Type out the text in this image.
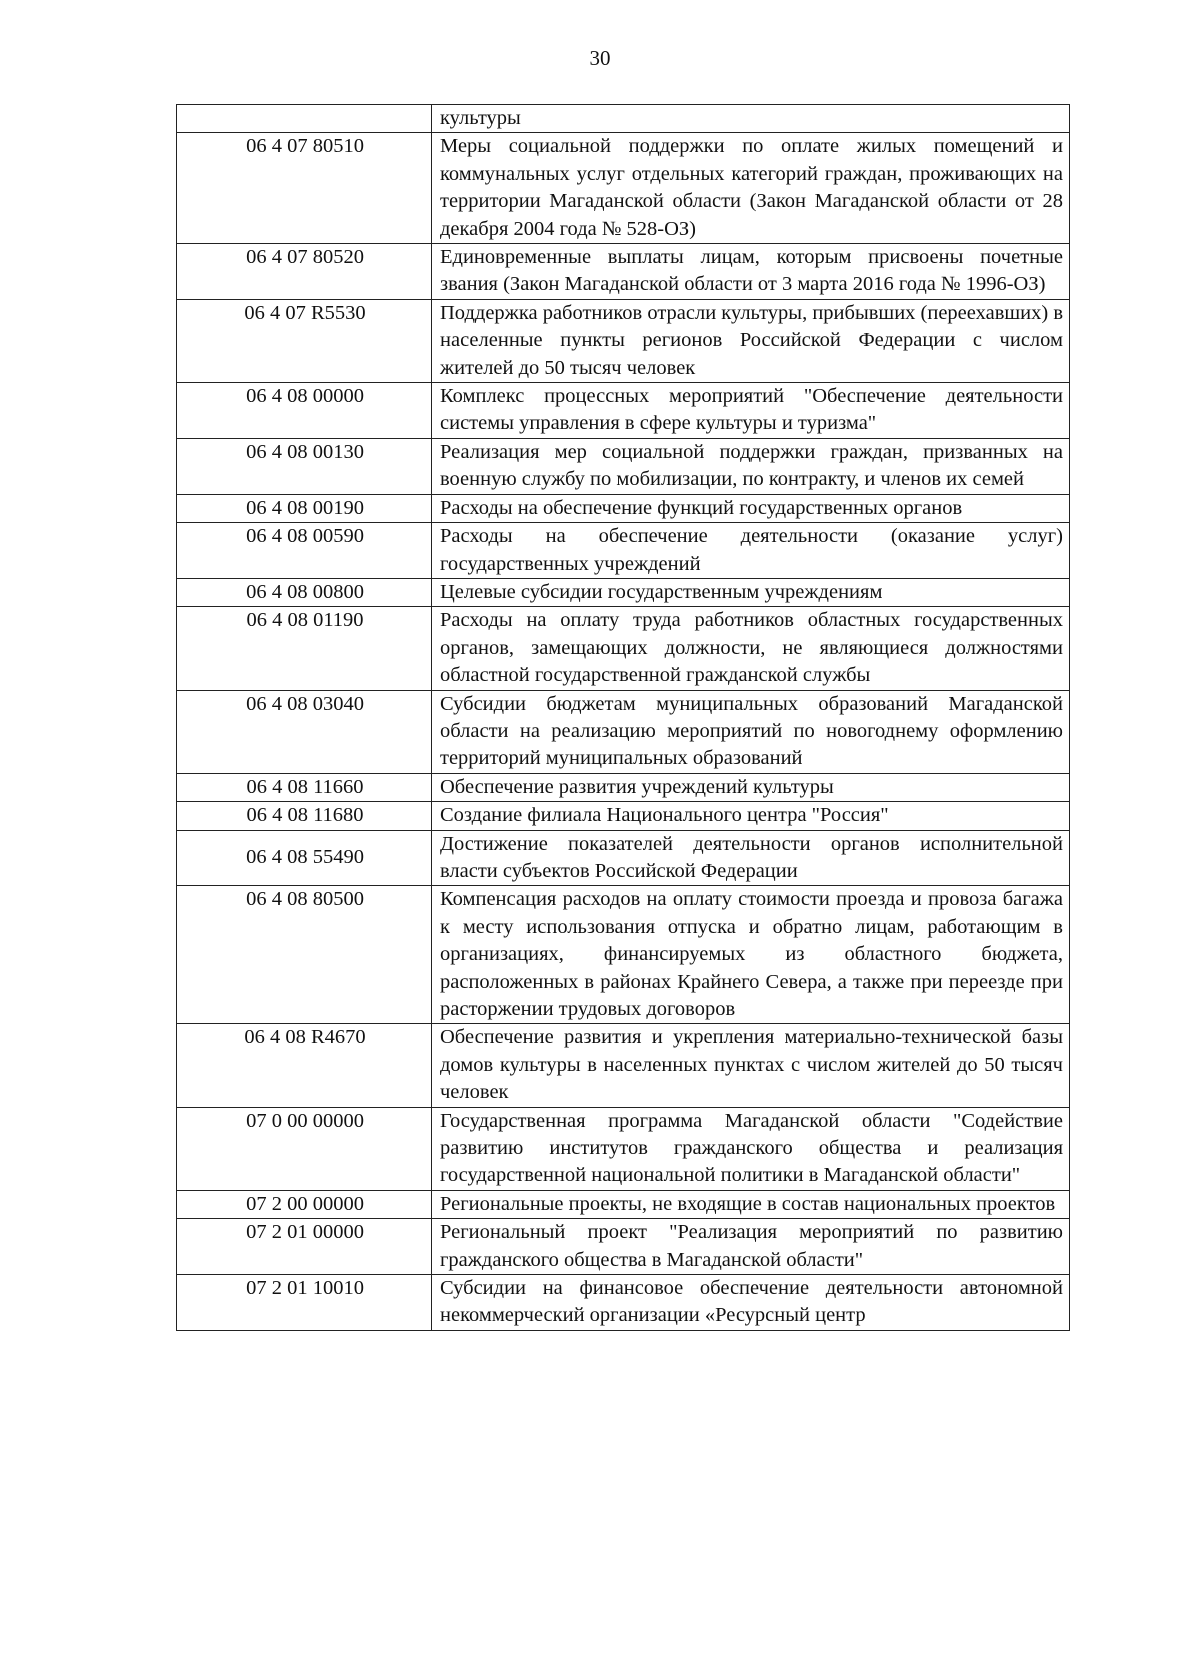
30
	культуры
06 4 07 80510	Меры социальной поддержки по оплате жилых помещений и коммунальных услуг отдельных категорий граждан, проживающих на территории Магаданской области (Закон Магаданской области от 28 декабря 2004 года № 528-ОЗ)
06 4 07 80520	Единовременные выплаты лицам, которым присвоены почетные звания (Закон Магаданской области от 3 марта 2016 года № 1996-ОЗ)
06 4 07 R5530	Поддержка работников отрасли культуры, прибывших (переехавших) в населенные пункты регионов Российской Федерации с числом жителей до 50 тысяч человек
06 4 08 00000	Комплекс процессных мероприятий "Обеспечение деятельности системы управления в сфере культуры и туризма"
06 4 08 00130	Реализация мер социальной поддержки граждан, призванных на военную службу по мобилизации, по контракту, и членов их семей
06 4 08 00190	Расходы на обеспечение функций государственных органов
06 4 08 00590	Расходы на обеспечение деятельности (оказание услуг) государственных учреждений
06 4 08 00800	Целевые субсидии государственным учреждениям
06 4 08 01190	Расходы на оплату труда работников областных государственных органов, замещающих должности, не являющиеся должностями областной государственной гражданской службы
06 4 08 03040	Субсидии бюджетам муниципальных образований Магаданской области на реализацию мероприятий по новогоднему оформлению территорий муниципальных образований
06 4 08 11660	Обеспечение развития учреждений культуры
06 4 08 11680	Создание филиала Национального центра "Россия"
06 4 08 55490	Достижение показателей деятельности органов исполнительной власти субъектов Российской Федерации
06 4 08 80500	Компенсация расходов на оплату стоимости проезда и провоза багажа к месту использования отпуска и обратно лицам, работающим в организациях, финансируемых из областного бюджета, расположенных в районах Крайнего Севера, а также при переезде при расторжении трудовых договоров
06 4 08 R4670	Обеспечение развития и укрепления материально-технической базы домов культуры в населенных пунктах с числом жителей до 50 тысяч человек
07 0 00 00000	Государственная программа Магаданской области "Содействие развитию институтов гражданского общества и реализация государственной национальной политики в Магаданской области"
07 2 00 00000	Региональные проекты, не входящие в состав национальных проектов
07 2 01 00000	Региональный проект "Реализация мероприятий по развитию гражданского общества в Магаданской области"
07 2 01 10010	Субсидии на финансовое обеспечение деятельности автономной некоммерческий организации «Ресурсный центр
